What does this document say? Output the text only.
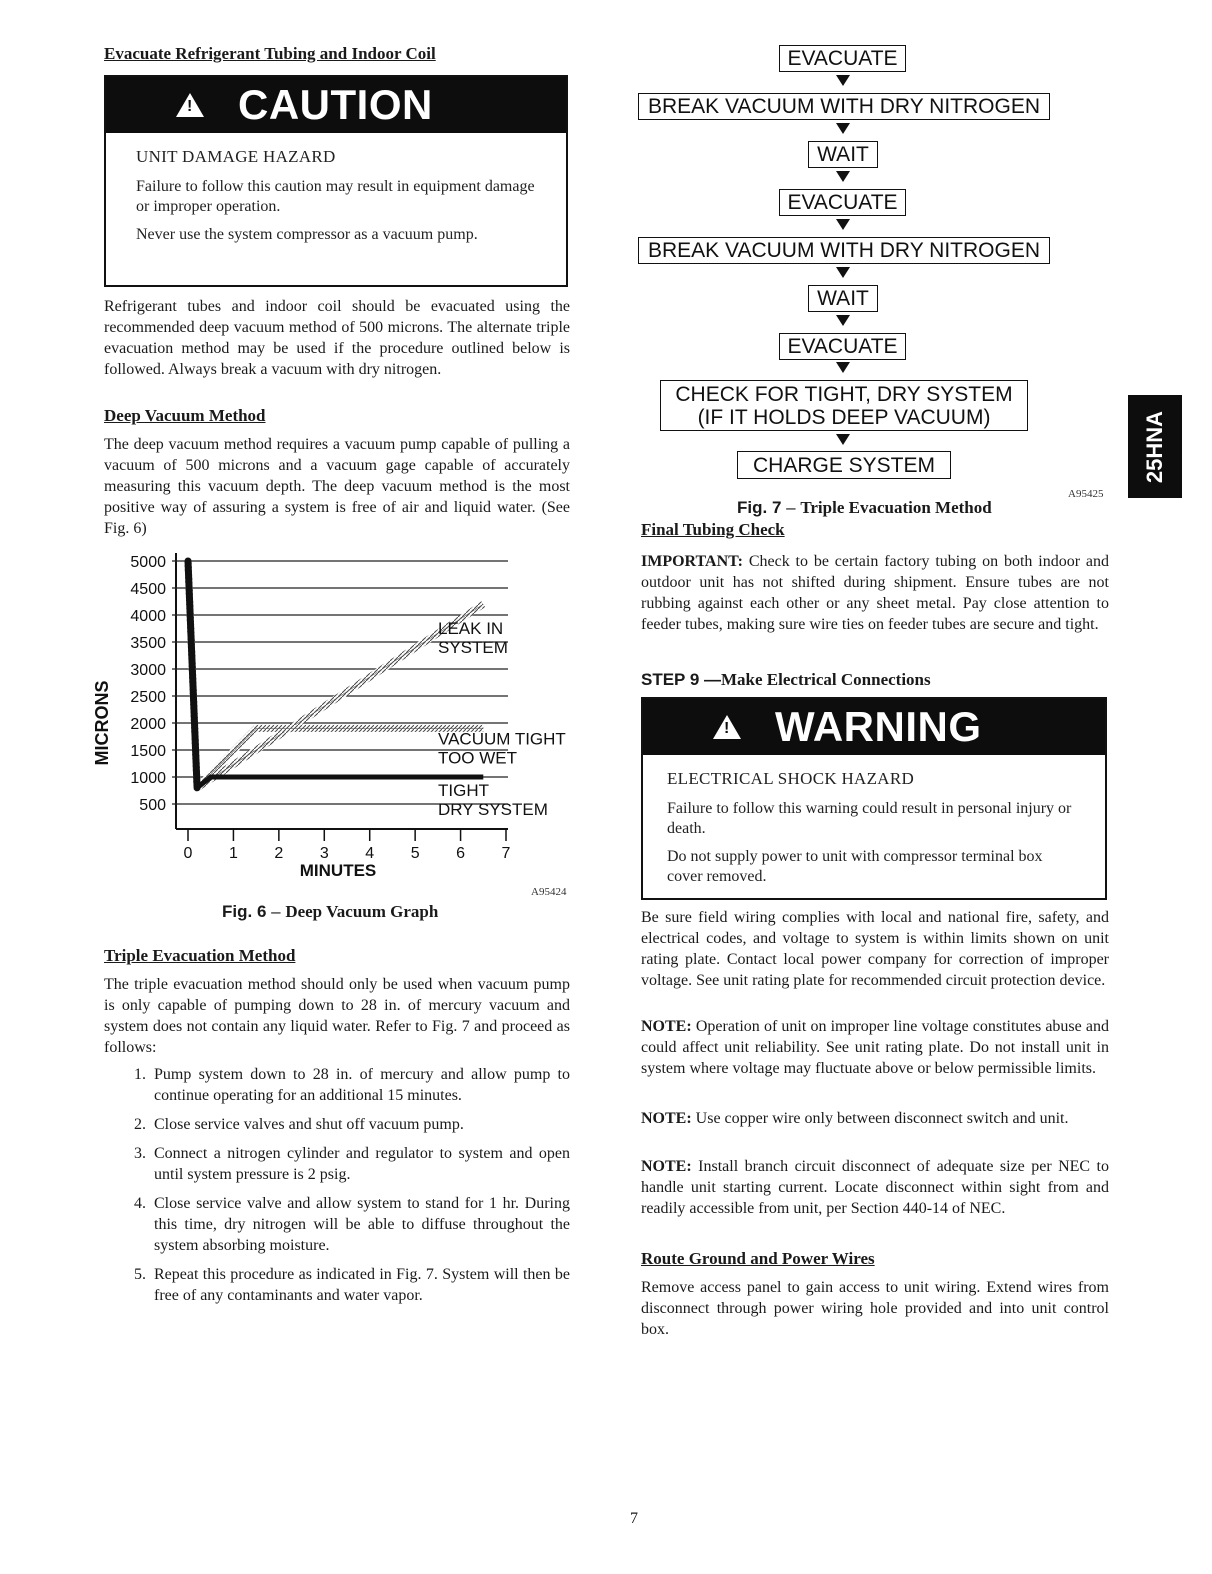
Evacuate Refrigerant Tubing and Indoor Coil
! CAUTION
UNIT DAMAGE HAZARD

Failure to follow this caution may result in equipment damage or improper operation.

Never use the system compressor as a vacuum pump.

Refrigerant tubes and indoor coil should be evacuated using the recommended deep vacuum method of 500 microns. The alternate triple evacuation method may be used if the procedure outlined below is followed. Always break a vacuum with dry nitrogen.
Deep Vacuum Method
The deep vacuum method requires a vacuum pump capable of pulling a vacuum of 500 microns and a vacuum gage capable of accurately measuring this vacuum depth. The deep vacuum method is the most positive way of assuring a system is free of air and liquid water. (See Fig. 6)
5000
4500
4000
3500
3000
2500
2000
1500
1000
500
0 1 2 3 4 5 6 7
LEAK IN
SYSTEM
VACUUM TIGHT
TOO WET
TIGHT
DRY SYSTEM
MICRONS
MINUTES
A95424
Fig. 6 – Deep Vacuum Graph
Triple Evacuation Method
The triple evacuation method should only be used when vacuum pump is only capable of pumping down to 28 in. of mercury vacuum and system does not contain any liquid water. Refer to Fig. 7 and proceed as follows:
1. Pump system down to 28 in. of mercury and allow pump to continue operating for an additional 15 minutes.
2. Close service valves and shut off vacuum pump.
3. Connect a nitrogen cylinder and regulator to system and open until system pressure is 2 psig.
4. Close service valve and allow system to stand for 1 hr. During this time, dry nitrogen will be able to diffuse throughout the system absorbing moisture.
5. Repeat this procedure as indicated in Fig. 7. System will then be free of any contaminants and water vapor.
EVACUATE
BREAK VACUUM WITH DRY NITROGEN
WAIT
EVACUATE
BREAK VACUUM WITH DRY NITROGEN
WAIT
EVACUATE
CHECK FOR TIGHT, DRY SYSTEM
(IF IT HOLDS DEEP VACUUM)
CHARGE SYSTEM
A95425
Fig. 7 – Triple Evacuation Method
Final Tubing Check
IMPORTANT: Check to be certain factory tubing on both indoor and outdoor unit has not shifted during shipment. Ensure tubes are not rubbing against each other or any sheet metal. Pay close attention to feeder tubes, making sure wire ties on feeder tubes are secure and tight.
STEP 9 —Make Electrical Connections
! WARNING
ELECTRICAL SHOCK HAZARD

Failure to follow this warning could result in personal injury or death.

Do not supply power to unit with compressor terminal box cover removed.

Be sure field wiring complies with local and national fire, safety, and electrical codes, and voltage to system is within limits shown on unit rating plate. Contact local power company for correction of improper voltage. See unit rating plate for recommended circuit protection device.
NOTE: Operation of unit on improper line voltage constitutes abuse and could affect unit reliability. See unit rating plate. Do not install unit in system where voltage may fluctuate above or below permissible limits.
NOTE: Use copper wire only between disconnect switch and unit.
NOTE: Install branch circuit disconnect of adequate size per NEC to handle unit starting current. Locate disconnect within sight from and readily accessible from unit, per Section 440-14 of NEC.
Route Ground and Power Wires
Remove access panel to gain access to unit wiring. Extend wires from disconnect through power wiring hole provided and into unit control box.
25HNA
7
